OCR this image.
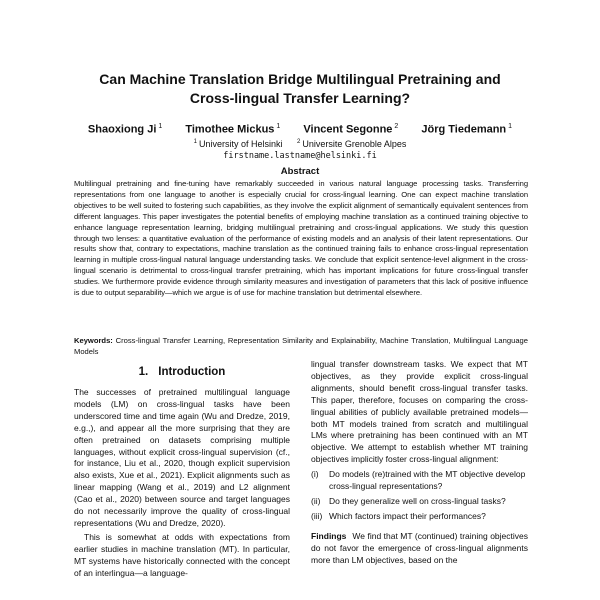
Can Machine Translation Bridge Multilingual Pretraining and
Cross-lingual Transfer Learning?
Shaoxiong Ji $^1$ Timothee Mickus $^1$ Vincent Segonne $^2$ Jörg Tiedemann $^1$
$^1$ University of Helsinki $^2$ Universite Grenoble Alpes
firstname.lastname@helsinki.fi
Abstract
Multilingual pretraining and fine-tuning have remarkably succeeded in various natural language processing tasks. Transferring representations from one language to another is especially crucial for cross-lingual learning. One can expect machine translation objectives to be well suited to fostering such capabilities, as they involve the explicit alignment of semantically equivalent sentences from different languages. This paper investigates the potential benefits of employing machine translation as a continued training objective to enhance language representation learning, bridging multilingual pretraining and cross-lingual applications. We study this question through two lenses: a quantitative evaluation of the performance of existing models and an analysis of their latent representations. Our results show that, contrary to expectations, machine translation as the continued training fails to enhance cross-lingual representation learning in multiple cross-lingual natural language understanding tasks. We conclude that explicit sentence-level alignment in the cross-lingual scenario is detrimental to cross-lingual transfer pretraining, which has important implications for future cross-lingual transfer studies. We furthermore provide evidence through similarity measures and investigation of parameters that this lack of positive influence is due to output separability—which we argue is of use for machine translation but detrimental elsewhere.
Keywords: Cross-lingual Transfer Learning, Representation Similarity and Explainability, Machine Translation, Multilingual Language Models
1. Introduction

The successes of pretrained multilingual language models (LM) on cross-lingual tasks have been underscored time and time again (Wu and Dredze, 2019, e.g.,), and appear all the more surprising that they are often pretrained on datasets comprising multiple languages, without explicit cross-lingual supervision (cf., for instance, Liu et al., 2020, though explicit supervision also exists, Xue et al., 2021). Explicit alignments such as linear mapping (Wang et al., 2019) and L2 alignment (Cao et al., 2020) between source and target languages do not necessarily improve the quality of cross-lingual representations (Wu and Dredze, 2020).

This is somewhat at odds with expectations from earlier studies in machine translation (MT). In particular, MT systems have historically connected with the concept of an interlingua—a language-

lingual transfer downstream tasks. We expect that MT objectives, as they provide explicit cross-lingual alignments, should benefit cross-lingual transfer tasks. This paper, therefore, focuses on comparing the cross-lingual abilities of publicly available pretrained models—both MT models trained from scratch and multilingual LMs where pretraining has been continued with an MT objective. We attempt to establish whether MT training objectives implicitly foster cross-lingual alignment:

(i)	Do models (re)trained with the MT objective develop cross-lingual representations?
(ii)	Do they generalize well on cross-lingual tasks?
(iii) Which factors impact their performances?

Findings We find that MT (continued) training objectives do not favor the emergence of cross-lingual alignments more than LM objectives, based on the
